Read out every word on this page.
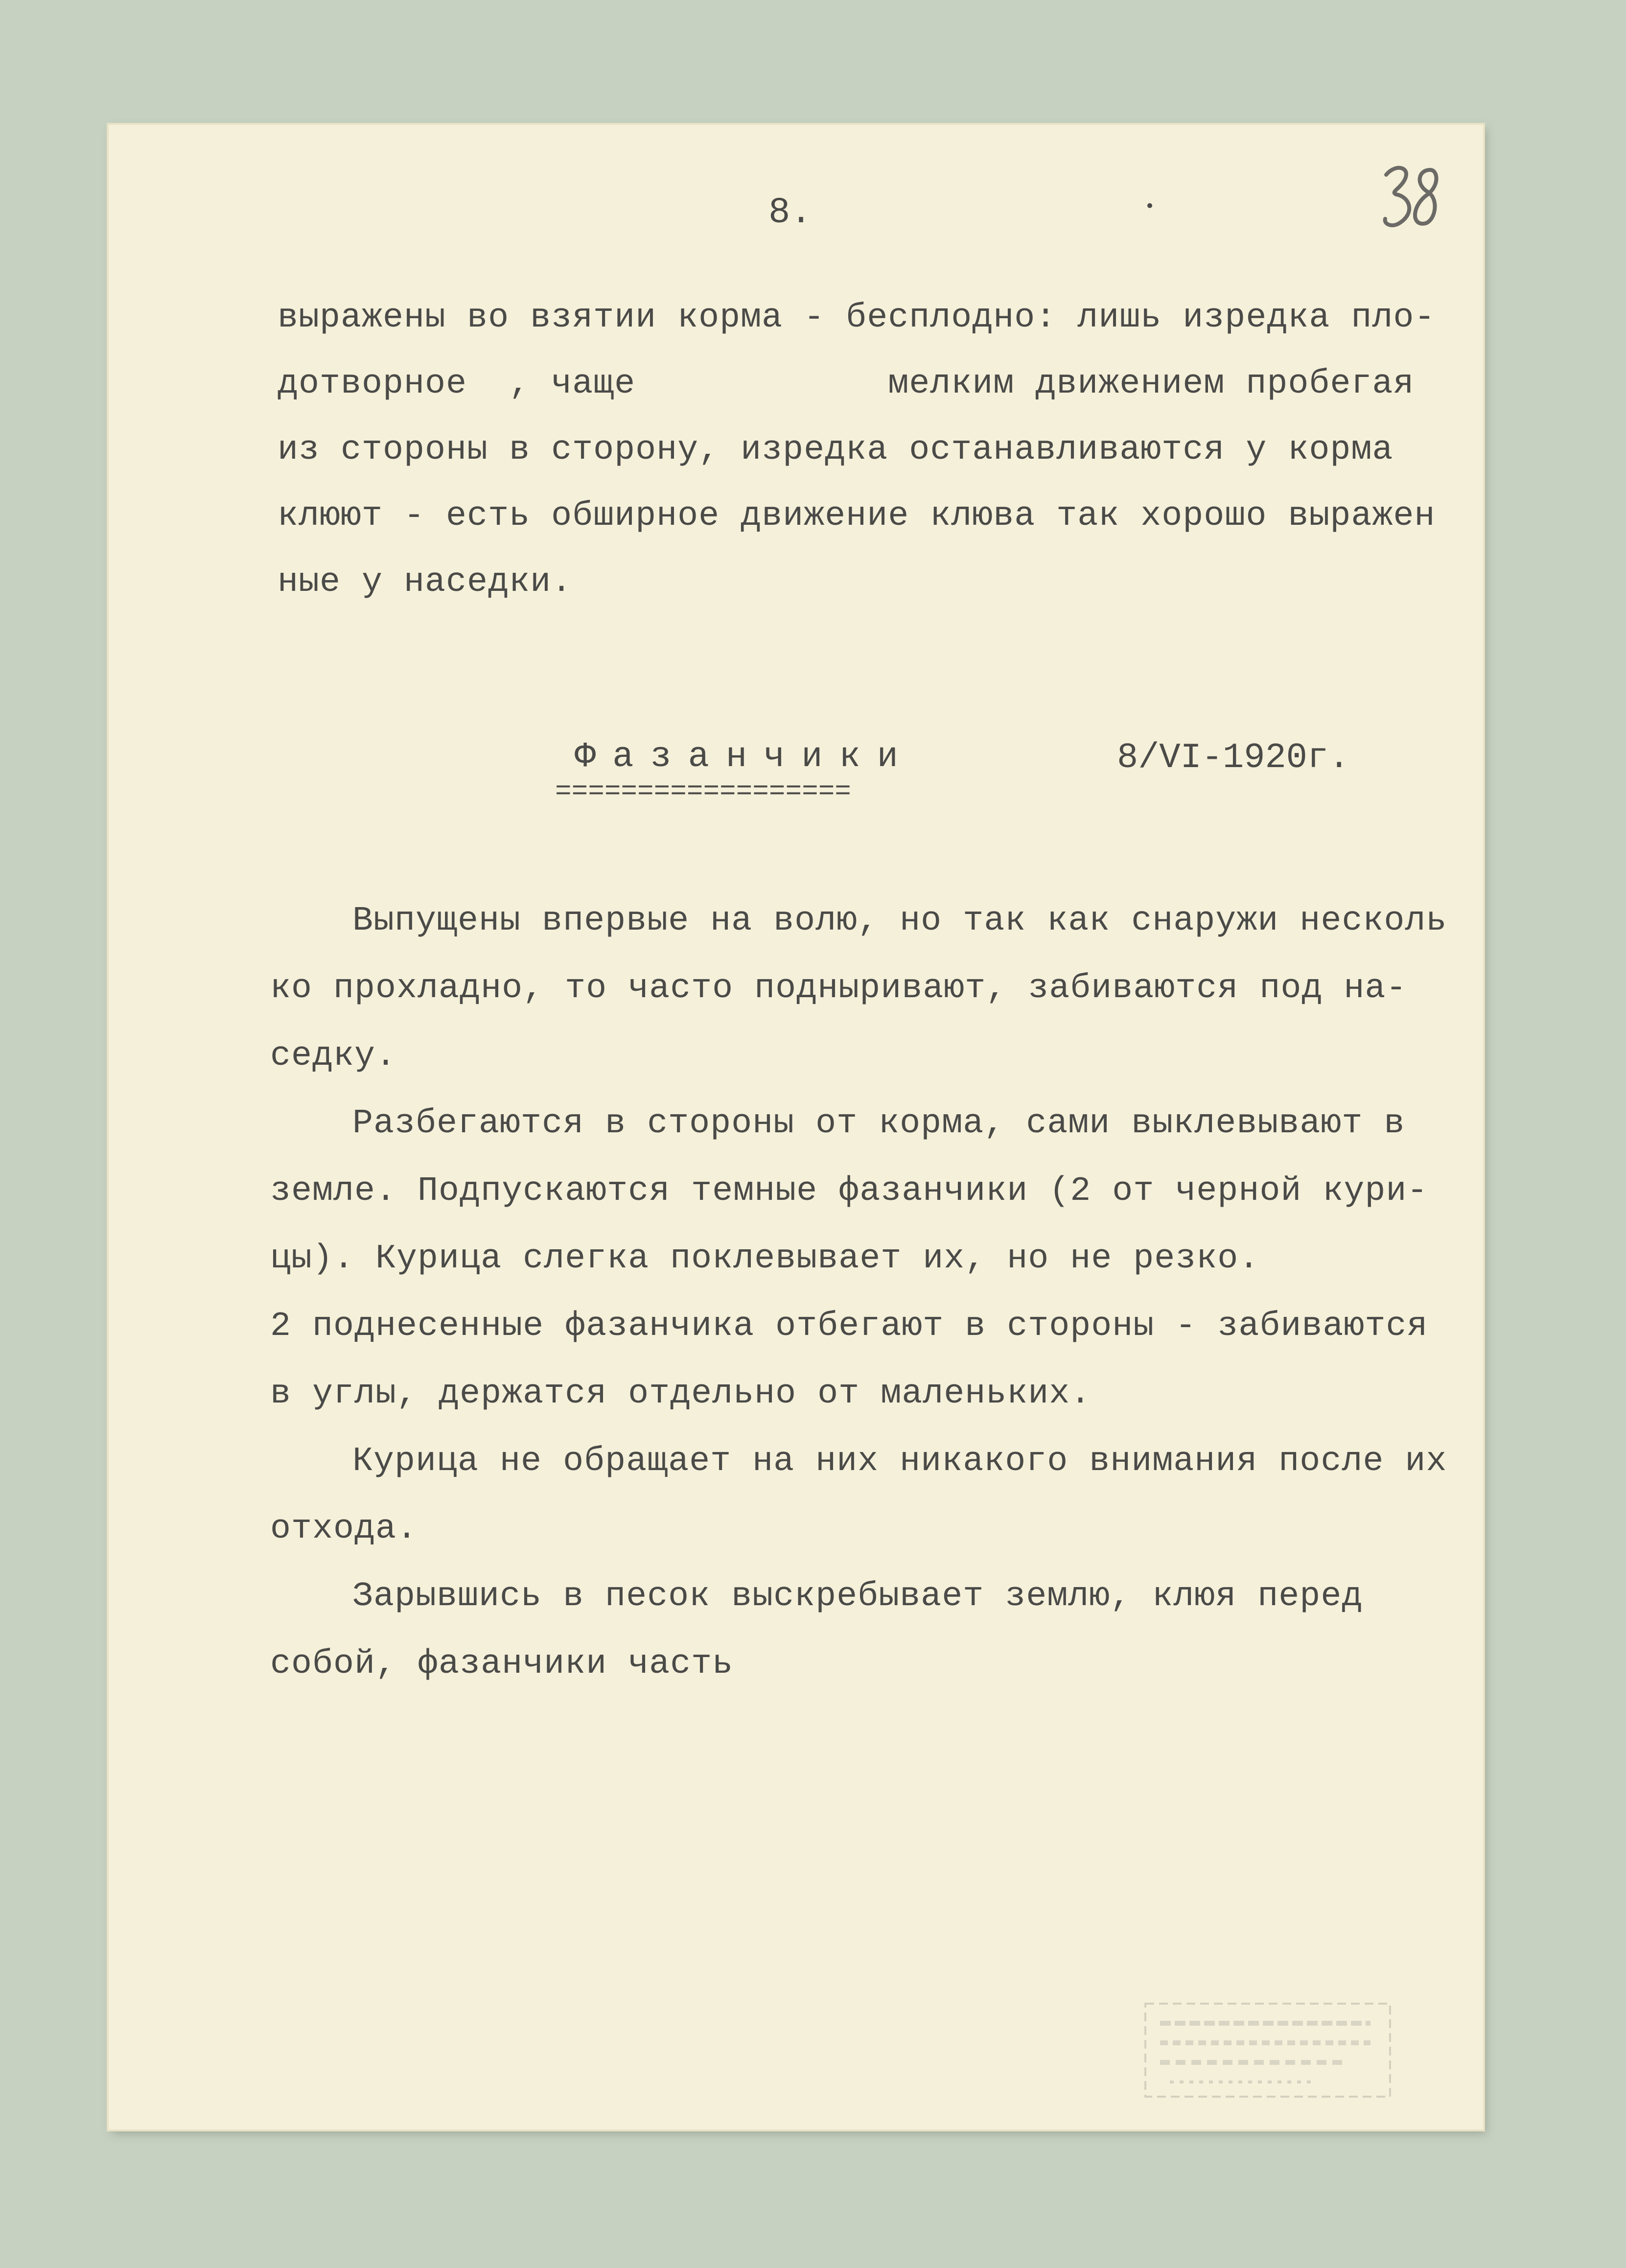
8.
выражены во взятии корма - бесплодно: лишь изредка пло-
дотворное  , чаще            мелким движением пробегая
из стороны в сторону, изредка останавливаются у корма
клюют - есть обширное движение клюва так хорошо выражен
ные у наседки.
Фазанчики	8/VI-1920г.
==================
Выпущены впервые на волю, но так как снаружи несколь
ко прохладно, то часто подныривают, забиваются под на-
седку.
Разбегаются в стороны от корма, сами выклевывают в
земле. Подпускаются темные фазанчики (2 от черной кури-
цы). Курица слегка поклевывает их, но не резко.
2 поднесенные фазанчика отбегают в стороны - забиваются
в углы, держатся отдельно от маленьких.
Курица не обращает на них никакого внимания после их
отхода.
Зарывшись в песок выскребывает землю, клюя перед
собой, фазанчики часть
